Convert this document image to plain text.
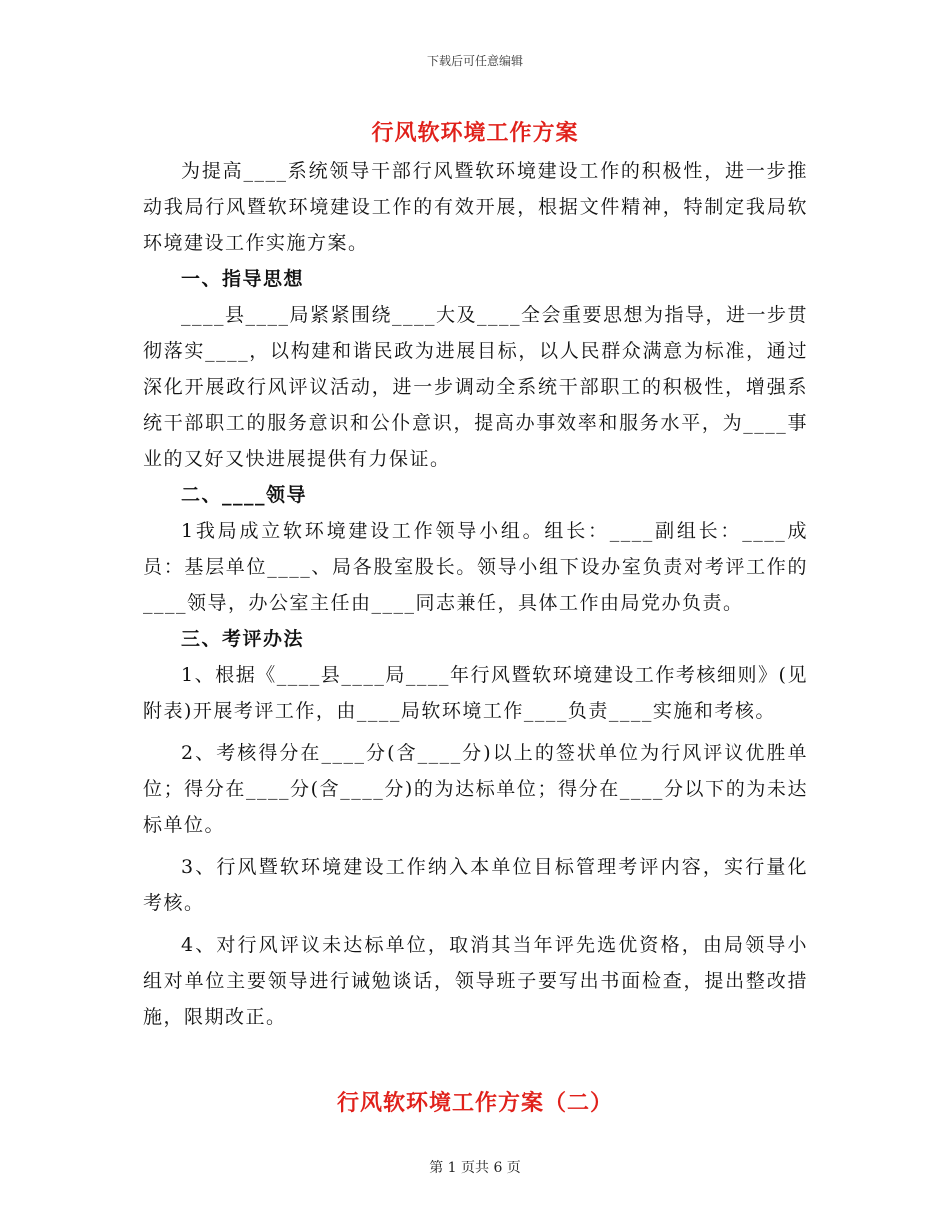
下载后可任意编辑
行风软环境工作方案

为提高____系统领导干部行风暨软环境建设工作的积极性，进一步推动我局行风暨软环境建设工作的有效开展，根据文件精神，特制定我局软环境建设工作实施方案。

一、指导思想

____县____局紧紧围绕____大及____全会重要思想为指导，进一步贯彻落实____，以构建和谐民政为进展目标，以人民群众满意为标准，通过深化开展政行风评议活动，进一步调动全系统干部职工的积极性，增强系统干部职工的服务意识和公仆意识，提高办事效率和服务水平，为____事业的又好又快进展提供有力保证。

二、____领导

1我局成立软环境建设工作领导小组。组长：____副组长：____成员：基层单位____、局各股室股长。领导小组下设办室负责对考评工作的____领导，办公室主任由____同志兼任，具体工作由局党办负责。

三、考评办法

1、根据《____县____局____年行风暨软环境建设工作考核细则》(见附表)开展考评工作，由____局软环境工作____负责____实施和考核。

2、考核得分在____分(含____分)以上的签状单位为行风评议优胜单位；得分在____分(含____分)的为达标单位；得分在____分以下的为未达标单位。

3、行风暨软环境建设工作纳入本单位目标管理考评内容，实行量化考核。

4、对行风评议未达标单位，取消其当年评先选优资格，由局领导小组对单位主要领导进行诫勉谈话，领导班子要写出书面检查，提出整改措施，限期改正。

行风软环境工作方案（二）
第 1 页共 6 页
